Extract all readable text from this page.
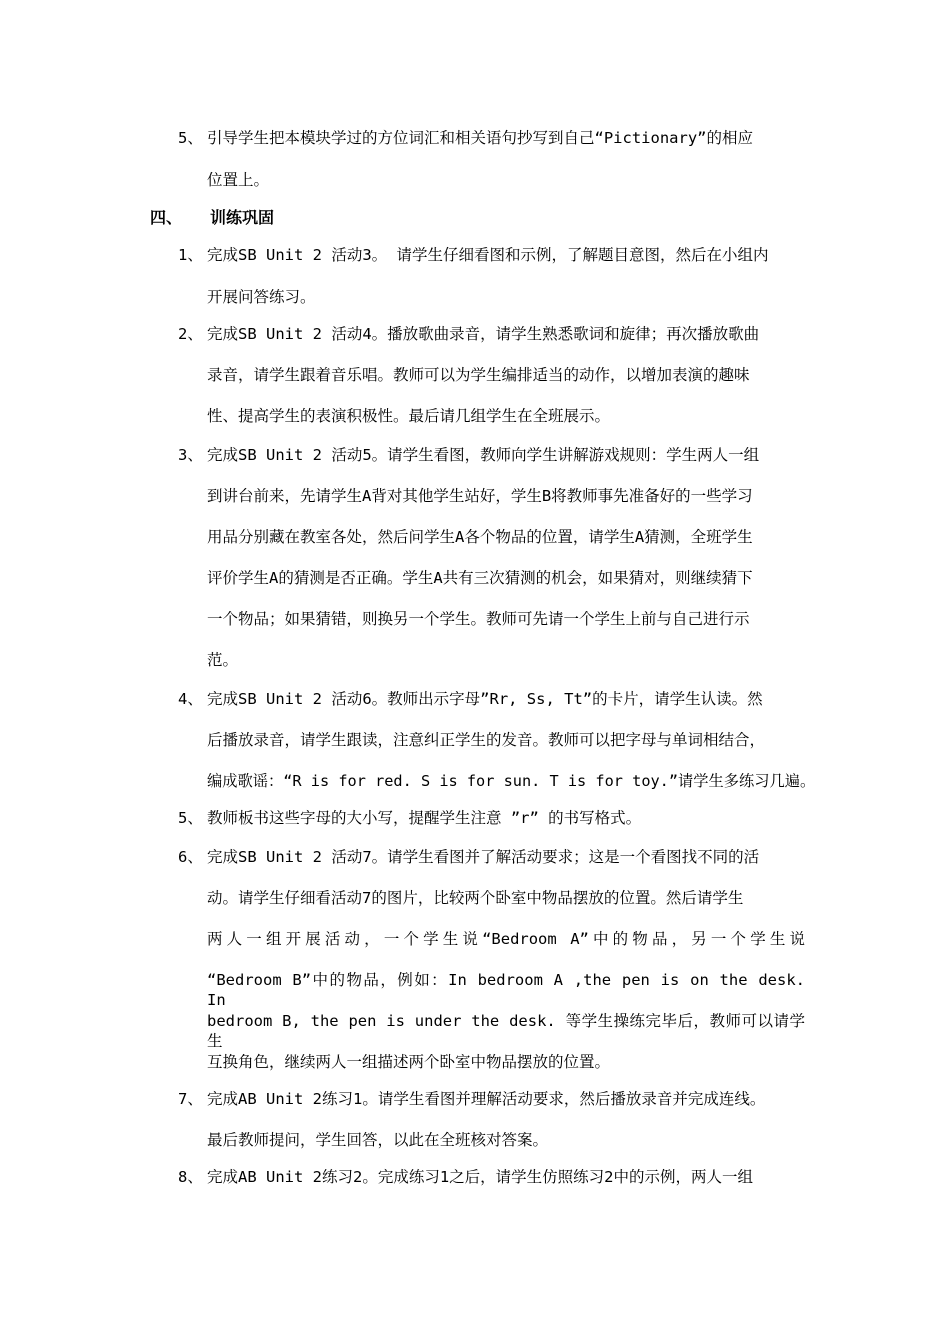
5、 引导学生把本模块学过的方位词汇和相关语句抄写到自己“Pictionary”的相应
位置上。
四、 训练巩固
1、 完成SB Unit 2 活动3。 请学生仔细看图和示例，了解题目意图，然后在小组内
开展问答练习。
2、 完成SB Unit 2 活动4。播放歌曲录音，请学生熟悉歌词和旋律；再次播放歌曲
录音，请学生跟着音乐唱。教师可以为学生编排适当的动作，以增加表演的趣味
性、提高学生的表演积极性。最后请几组学生在全班展示。
3、 完成SB Unit 2 活动5。请学生看图，教师向学生讲解游戏规则：学生两人一组
到讲台前来，先请学生A背对其他学生站好，学生B将教师事先准备好的一些学习
用品分别藏在教室各处，然后问学生A各个物品的位置，请学生A猜测，全班学生
评价学生A的猜测是否正确。学生A共有三次猜测的机会，如果猜对，则继续猜下
一个物品；如果猜错，则换另一个学生。教师可先请一个学生上前与自己进行示
范。
4、 完成SB Unit 2 活动6。教师出示字母”Rr, Ss, Tt”的卡片，请学生认读。然
后播放录音，请学生跟读，注意纠正学生的发音。教师可以把字母与单词相结合，
编成歌谣：“R is for red. S is for sun. T is for toy.”请学生多练习几遍。
5、 教师板书这些字母的大小写，提醒学生注意 ”r” 的书写格式。
6、 完成SB Unit 2 活动7。请学生看图并了解活动要求；这是一个看图找不同的活
动。请学生仔细看活动7的图片，比较两个卧室中物品摆放的位置。然后请学生
两人一组开展活动，一个学生说“Bedroom A”中的物品，另一个学生说
“Bedroom B”中的物品，例如：In bedroom A ,the pen is on the desk. In
bedroom B, the pen is under the desk. 等学生操练完毕后，教师可以请学生
互换角色，继续两人一组描述两个卧室中物品摆放的位置。
7、 完成AB Unit 2练习1。请学生看图并理解活动要求，然后播放录音并完成连线。
最后教师提问，学生回答，以此在全班核对答案。
8、 完成AB Unit 2练习2。完成练习1之后，请学生仿照练习2中的示例，两人一组
